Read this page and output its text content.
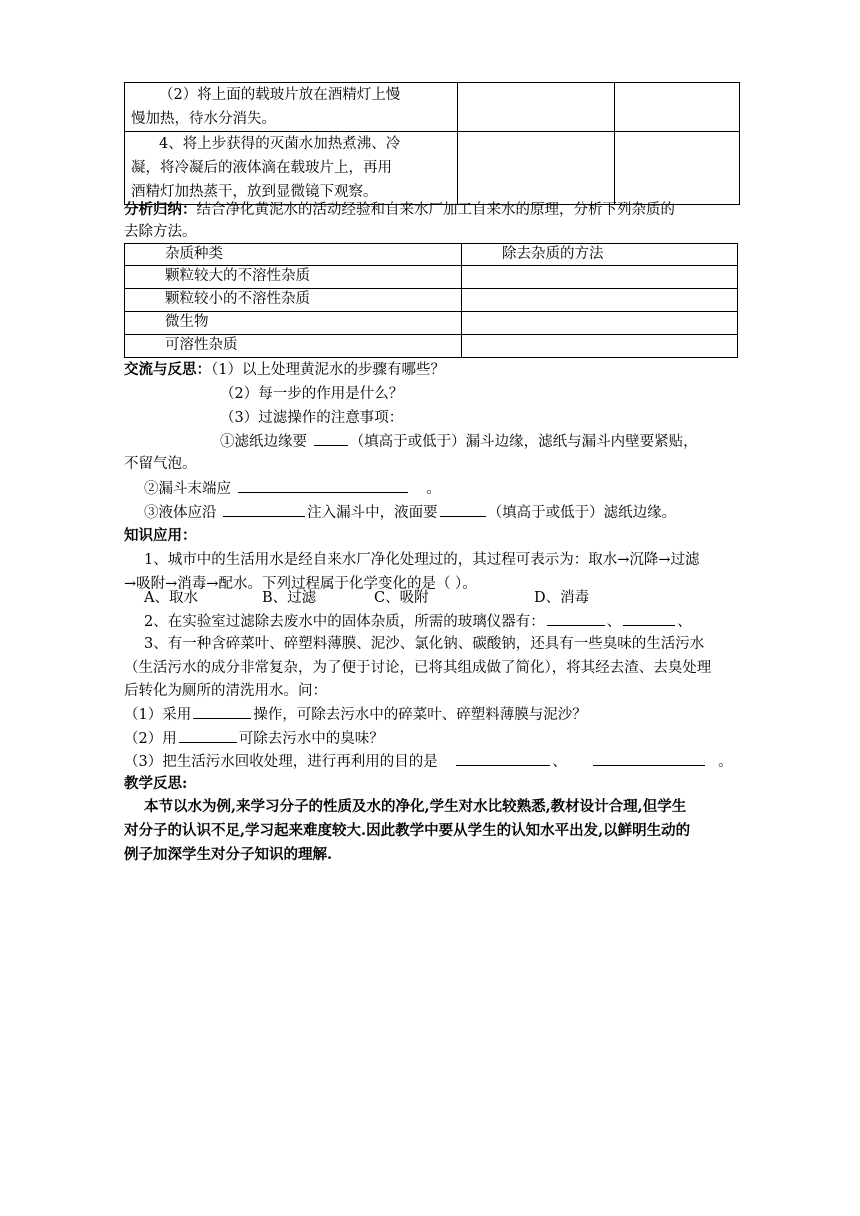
（2）将上面的载玻片放在酒精灯上慢
慢加热，待水分消失。		

4、将上步获得的灭菌水加热煮沸、冷
凝，将冷凝后的液体滴在载玻片上，再用
酒精灯加热蒸干，放到显微镜下观察。		

分析归纳：结合净化黄泥水的活动经验和自来水厂加工自来水的原理，分析下列杂质的
去除方法。
杂质种类	除去杂质的方法
颗粒较大的不溶性杂质	
颗粒较小的不溶性杂质	
微生物	
可溶性杂质	
交流与反思：（1）以上处理黄泥水的步骤有哪些？
（2）每一步的作用是什么？
（3）过滤操作的注意事项：
①滤纸边缘要	（填高于或低于）漏斗边缘，滤纸与漏斗内壁要紧贴，
不留气泡。
②漏斗末端应	。
③液体应沿	注入漏斗中，液面要	（填高于或低于）滤纸边缘。
知识应用：
1、城市中的生活用水是经自来水厂净化处理过的，其过程可表示为：取水→沉降→过滤
→吸附→消毒→配水。下列过程属于化学变化的是（ ）。
A、取水	B、过滤	C、吸附	D、消毒
2、在实验室过滤除去废水中的固体杂质，所需的玻璃仪器有：	、	、
3、有一种含碎菜叶、碎塑料薄膜、泥沙、氯化钠、碳酸钠，还具有一些臭味的生活污水
（生活污水的成分非常复杂，为了便于讨论，已将其组成做了简化），将其经去渣、去臭处理
后转化为厕所的清洗用水。问：
（1）采用	操作，可除去污水中的碎菜叶、碎塑料薄膜与泥沙？
（2）用	可除去污水中的臭味？
（3）把生活污水回收处理，进行再利用的目的是	、	。
教学反思:
本节以水为例,来学习分子的性质及水的净化,学生对水比较熟悉,教材设计合理,但学生
对分子的认识不足,学习起来难度较大.因此教学中要从学生的认知水平出发,以鲜明生动的
例子加深学生对分子知识的理解.
